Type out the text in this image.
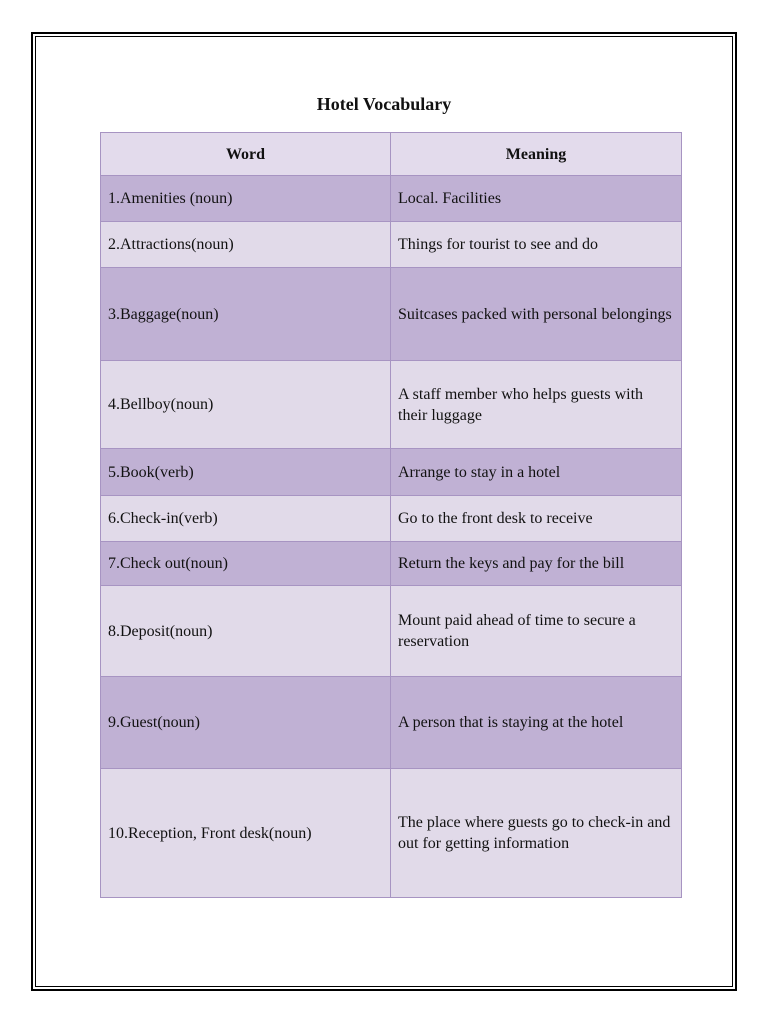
Hotel Vocabulary
Word	Meaning
1.Amenities (noun)	Local. Facilities
2.Attractions(noun)	Things for tourist to see and do
3.Baggage(noun)	Suitcases packed with personal belongings
4.Bellboy(noun)	A staff member who helps guests with their luggage
5.Book(verb)	Arrange to stay in a hotel
6.Check-in(verb)	Go to the front desk to receive
7.Check out(noun)	Return the keys and pay for the bill
8.Deposit(noun)	Mount paid ahead of time to secure a reservation
9.Guest(noun)	A person that is staying at the hotel
10.Reception, Front desk(noun)	The place where guests go to check-in and out for getting information
